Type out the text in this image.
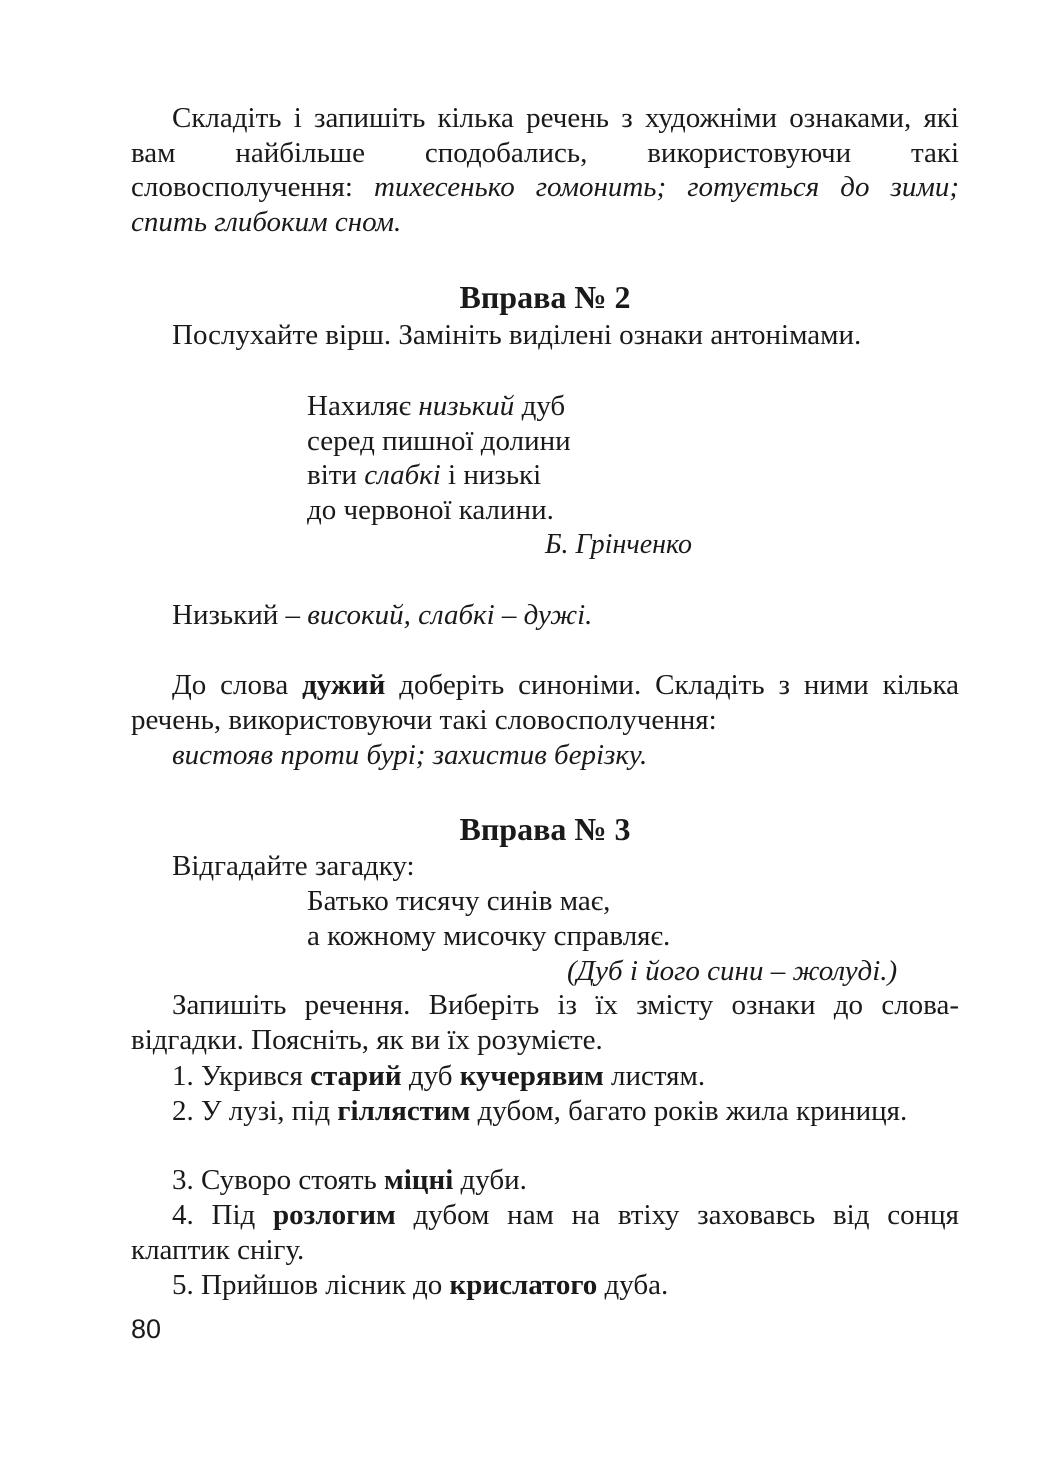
Складіть і запишіть кілька речень з художніми ознаками, які вам найбільше сподобались, використовуючи такі словосполучення: тихесенько гомонить; готується до зими; спить глибоким сном.

Вправа № 2

Послухайте вірш. Замініть виділені ознаки антонімами.

Нахиляє низький дуб
серед пишної долини
віти слабкі і низькі
до червоної калини.
Б. Грінченко
Низький – високий, слабкі – дужі.

До слова дужий доберіть синоніми. Складіть з ними кілька речень, використовуючи такі словосполучення:

вистояв проти бурі; захистив берізку.
Вправа № 3
Відгадайте загадку:
Батько тисячу синів має,
а кожному мисочку справляє.
(Дуб і його сини – жолуді.)

Запишіть речення. Виберіть із їх змісту ознаки до слова-відгадки. Поясніть, як ви їх розумієте.

1. Укрився старий дуб кучерявим листям.

2. У лузі, під гіллястим дубом, багато років жила криниця.

3. Суворо стоять міцні дуби.

4. Під розлогим дубом нам на втіху заховавсь від сонця клаптик снігу.

5. Прийшов лісник до крислатого дуба.
80
